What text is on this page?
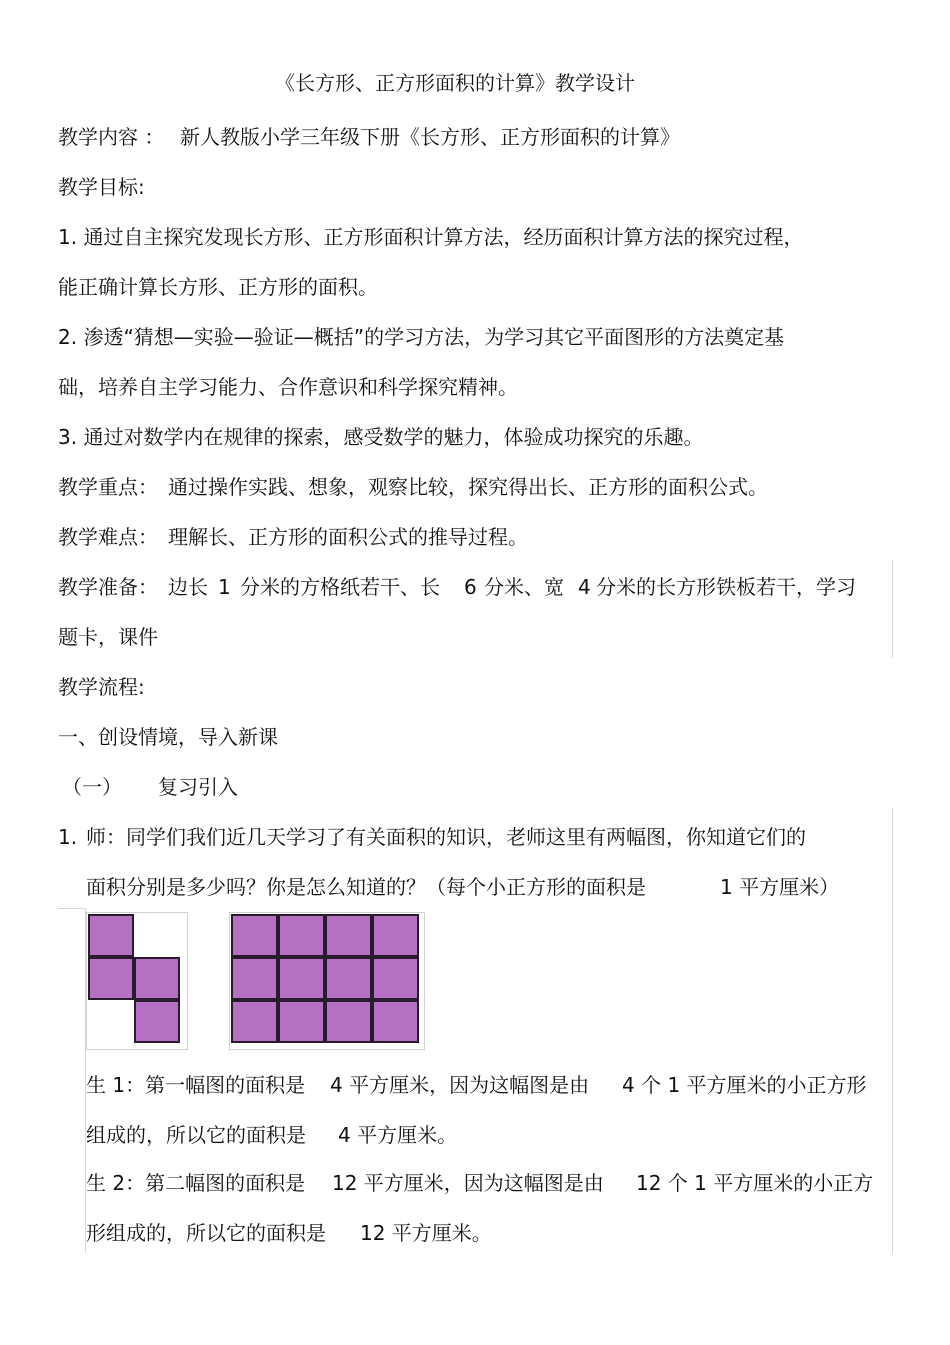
《长方形、正方形面积的计算》教学设计
教学内容 ： 新人教版小学三年级下册《长方形、正方形面积的计算》
教学目标:
1. 通过自主探究发现长方形、正方形面积计算方法，经历面积计算方法的探究过程，
能正确计算长方形、正方形的面积。
2. 渗透“猜想—实验—验证—概括”的学习方法，为学习其它平面图形的方法奠定基
础，培养自主学习能力、合作意识和科学探究精神。
3. 通过对数学内在规律的探索，感受数学的魅力，体验成功探究的乐趣。
教学重点： 通过操作实践、想象，观察比较，探究得出长、正方形的面积公式。
教学难点： 理解长、正方形的面积公式的推导过程。
教学准备： 边长 1 分米的方格纸若干、长 6 分米、宽 4 分米的长方形铁板若干，学习
题卡，课件
教学流程:
一、创设情境，导入新课
（一） 复习引入
1. 师：同学们我们近几天学习了有关面积的知识，老师这里有两幅图，你知道它们的
面积分别是多少吗？你是怎么知道的？（每个小正方形的面积是	1 平方厘米）
生 1：第一幅图的面积是 4 平方厘米，因为这幅图是由 4 个 1 平方厘米的小正方形
组成的，所以它的面积是 4 平方厘米。
生 2：第二幅图的面积是 12 平方厘米，因为这幅图是由 12 个 1 平方厘米的小正方
形组成的，所以它的面积是 12 平方厘米。
